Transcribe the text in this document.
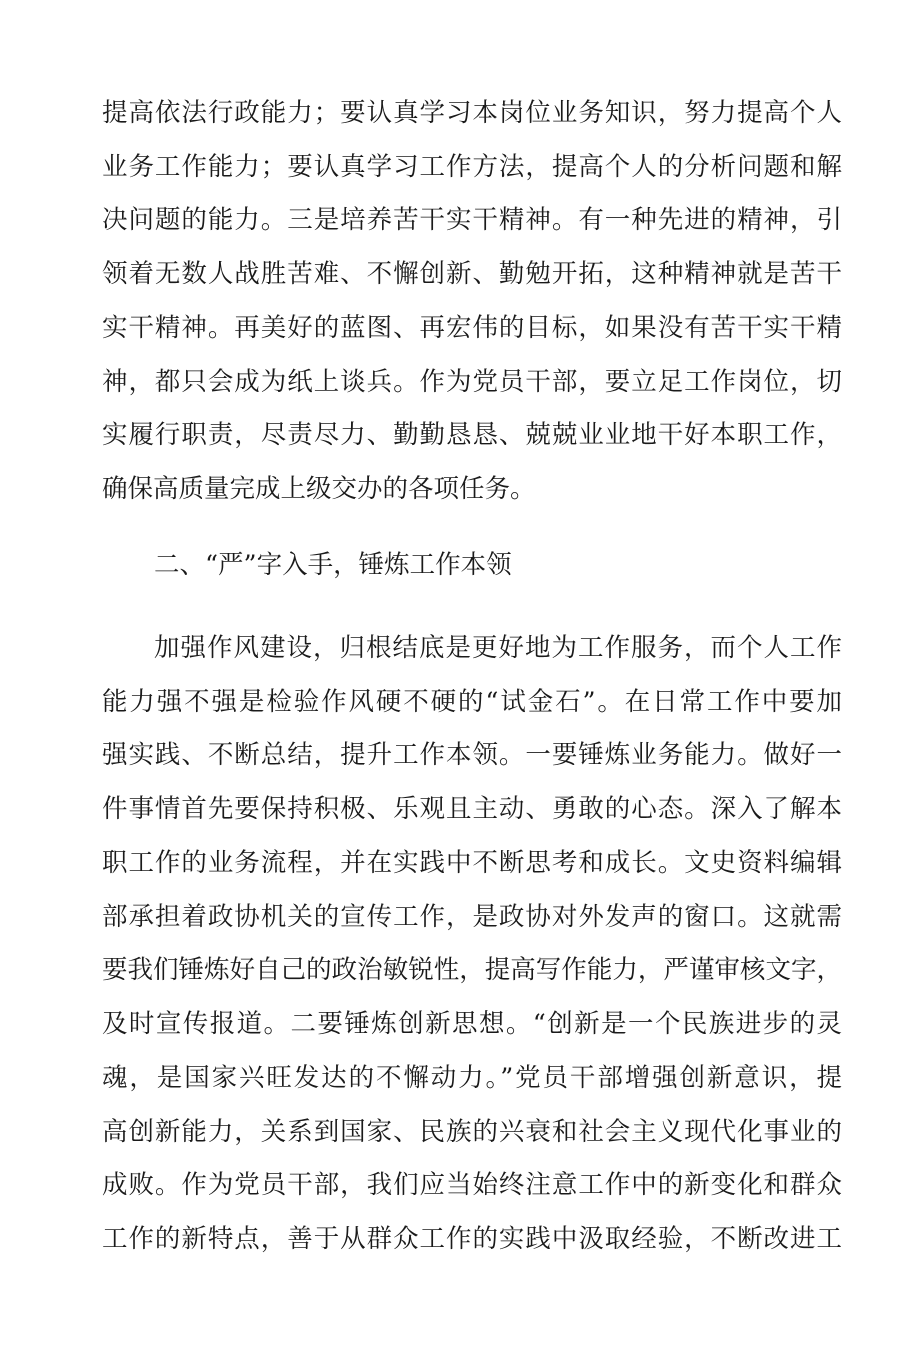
提高依法行政能力；要认真学习本岗位业务知识，努力提高个人
业务工作能力；要认真学习工作方法，提高个人的分析问题和解
决问题的能力。三是培养苦干实干精神。有一种先进的精神，引
领着无数人战胜苦难、不懈创新、勤勉开拓，这种精神就是苦干
实干精神。再美好的蓝图、再宏伟的目标，如果没有苦干实干精
神，都只会成为纸上谈兵。作为党员干部，要立足工作岗位，切
实履行职责，尽责尽力、勤勤恳恳、兢兢业业地干好本职工作，
确保高质量完成上级交办的各项任务。
二、“严”字入手，锤炼工作本领
加强作风建设，归根结底是更好地为工作服务，而个人工作
能力强不强是检验作风硬不硬的“试金石”。在日常工作中要加
强实践、不断总结，提升工作本领。一要锤炼业务能力。做好一
件事情首先要保持积极、乐观且主动、勇敢的心态。深入了解本
职工作的业务流程，并在实践中不断思考和成长。文史资料编辑
部承担着政协机关的宣传工作，是政协对外发声的窗口。这就需
要我们锤炼好自己的政治敏锐性，提高写作能力，严谨审核文字，
及时宣传报道。二要锤炼创新思想。“创新是一个民族进步的灵
魂，是国家兴旺发达的不懈动力。”党员干部增强创新意识，提
高创新能力，关系到国家、民族的兴衰和社会主义现代化事业的
成败。作为党员干部，我们应当始终注意工作中的新变化和群众
工作的新特点，善于从群众工作的实践中汲取经验，不断改进工
